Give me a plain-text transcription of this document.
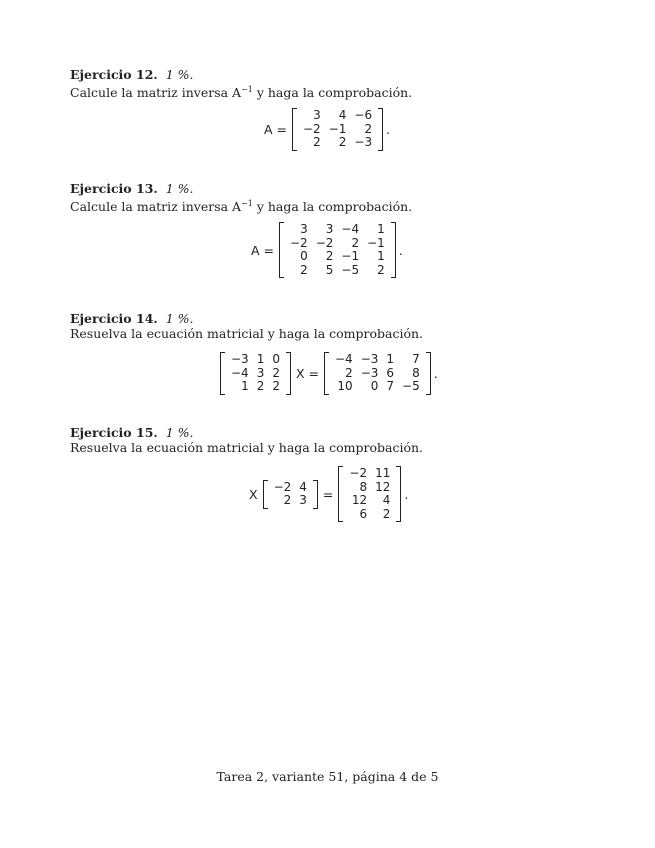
Ejercicio 12. 1 %.
Calcule la matriz inversa $A^{-1}$ y haga la comprobación.
A =
3	4	−6
−2	−1	2
2	2	−3
.
Ejercicio 13. 1 %.
Calcule la matriz inversa $A^{-1}$ y haga la comprobación.
A =
3	3	−4	1
−2	−2	2	−1
0	2	−1	1
2	5	−5	2
.
Ejercicio 14. 1 %.
Resuelva la ecuación matricial y haga la comprobación.
−3	1	0
−4	3	2
1	2	2
X =
−4	−3	1	7
2	−3	6	8
10	0	7	−5
.
Ejercicio 15. 1 %.
Resuelva la ecuación matricial y haga la comprobación.
X −2	4
2	3 =
−2	11
8	12
12	4
6	2
.
Tarea 2, variante 51, página 4 de 5
